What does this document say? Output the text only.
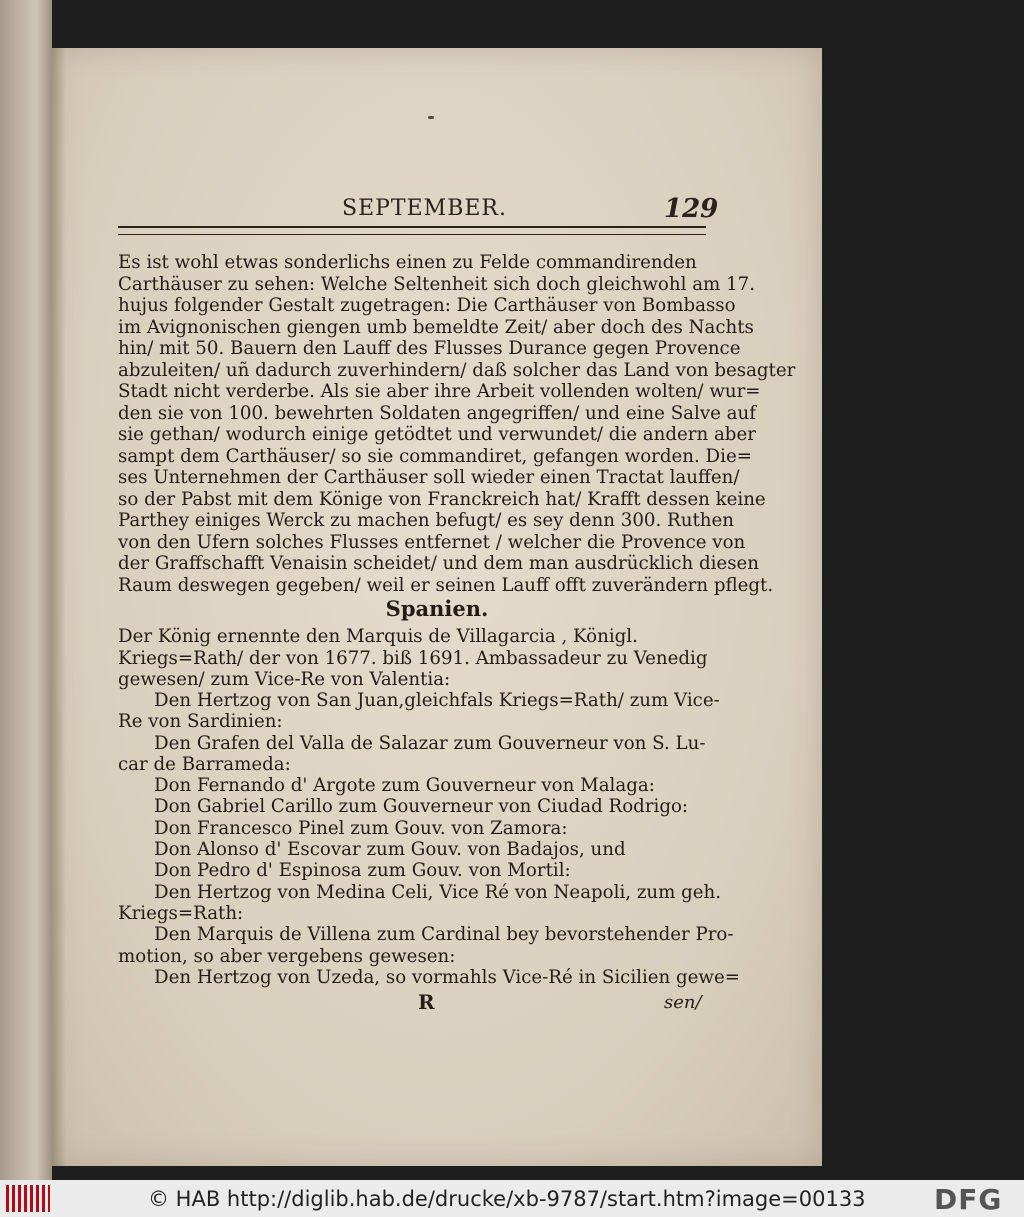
SEPTEMBER.	129

Es ist wohl etwas sonderlichs einen zu Felde commandirenden
Carthäuser zu sehen: Welche Seltenheit sich doch gleichwohl am 17.
hujus folgender Gestalt zugetragen: Die Carthäuser von Bombasso
im Avignonischen giengen umb bemeldte Zeit/ aber doch des Nachts
hin/ mit 50. Bauern den Lauff des Flusses Durance gegen Provence
abzuleiten/ uñ dadurch zuverhindern/ daß solcher das Land von besagter
Stadt nicht verderbe. Als sie aber ihre Arbeit vollenden wolten/ wur=
den sie von 100. bewehrten Soldaten angegriffen/ und eine Salve auf
sie gethan/ wodurch einige getödtet und verwundet/ die andern aber
sampt dem Carthäuser/ so sie commandiret, gefangen worden. Die=
ses Unternehmen der Carthäuser soll wieder einen Tractat lauffen/
so der Pabst mit dem Könige von Franckreich hat/ Krafft dessen keine
Parthey einiges Werck zu machen befugt/ es sey denn 300. Ruthen
von den Ufern solches Flusses entfernet / welcher die Provence von
der Graffschafft Venaisin scheidet/ und dem man ausdrücklich diesen
Raum deswegen gegeben/ weil er seinen Lauff offt zuverändern pflegt.

Spanien.

Der König ernennte den Marquis de Villagarcia , Königl.
Kriegs=Rath/ der von 1677. biß 1691. Ambassadeur zu Venedig
gewesen/ zum Vice-Re von Valentia:

Den Hertzog von San Juan,gleichfals Kriegs=Rath/ zum Vice-
Re von Sardinien:
Den Grafen del Valla de Salazar zum Gouverneur von S. Lu-
car de Barrameda:
Don Fernando d' Argote zum Gouverneur von Malaga:
Don Gabriel Carillo zum Gouverneur von Ciudad Rodrigo:
Don Francesco Pinel zum Gouv. von Zamora:
Don Alonso d' Escovar zum Gouv. von Badajos, und
Don Pedro d' Espinosa zum Gouv. von Mortil:
Den Hertzog von Medina Celi, Vice Ré von Neapoli, zum geh.
Kriegs=Rath:
Den Marquis de Villena zum Cardinal bey bevorstehender Pro-
motion, so aber vergebens gewesen:
Den Hertzog von Uzeda, so vormahls Vice-Ré in Sicilien gewe=
R	sen/
© HAB http://diglib.hab.de/drucke/xb-9787/start.htm?image=00133 DFG
